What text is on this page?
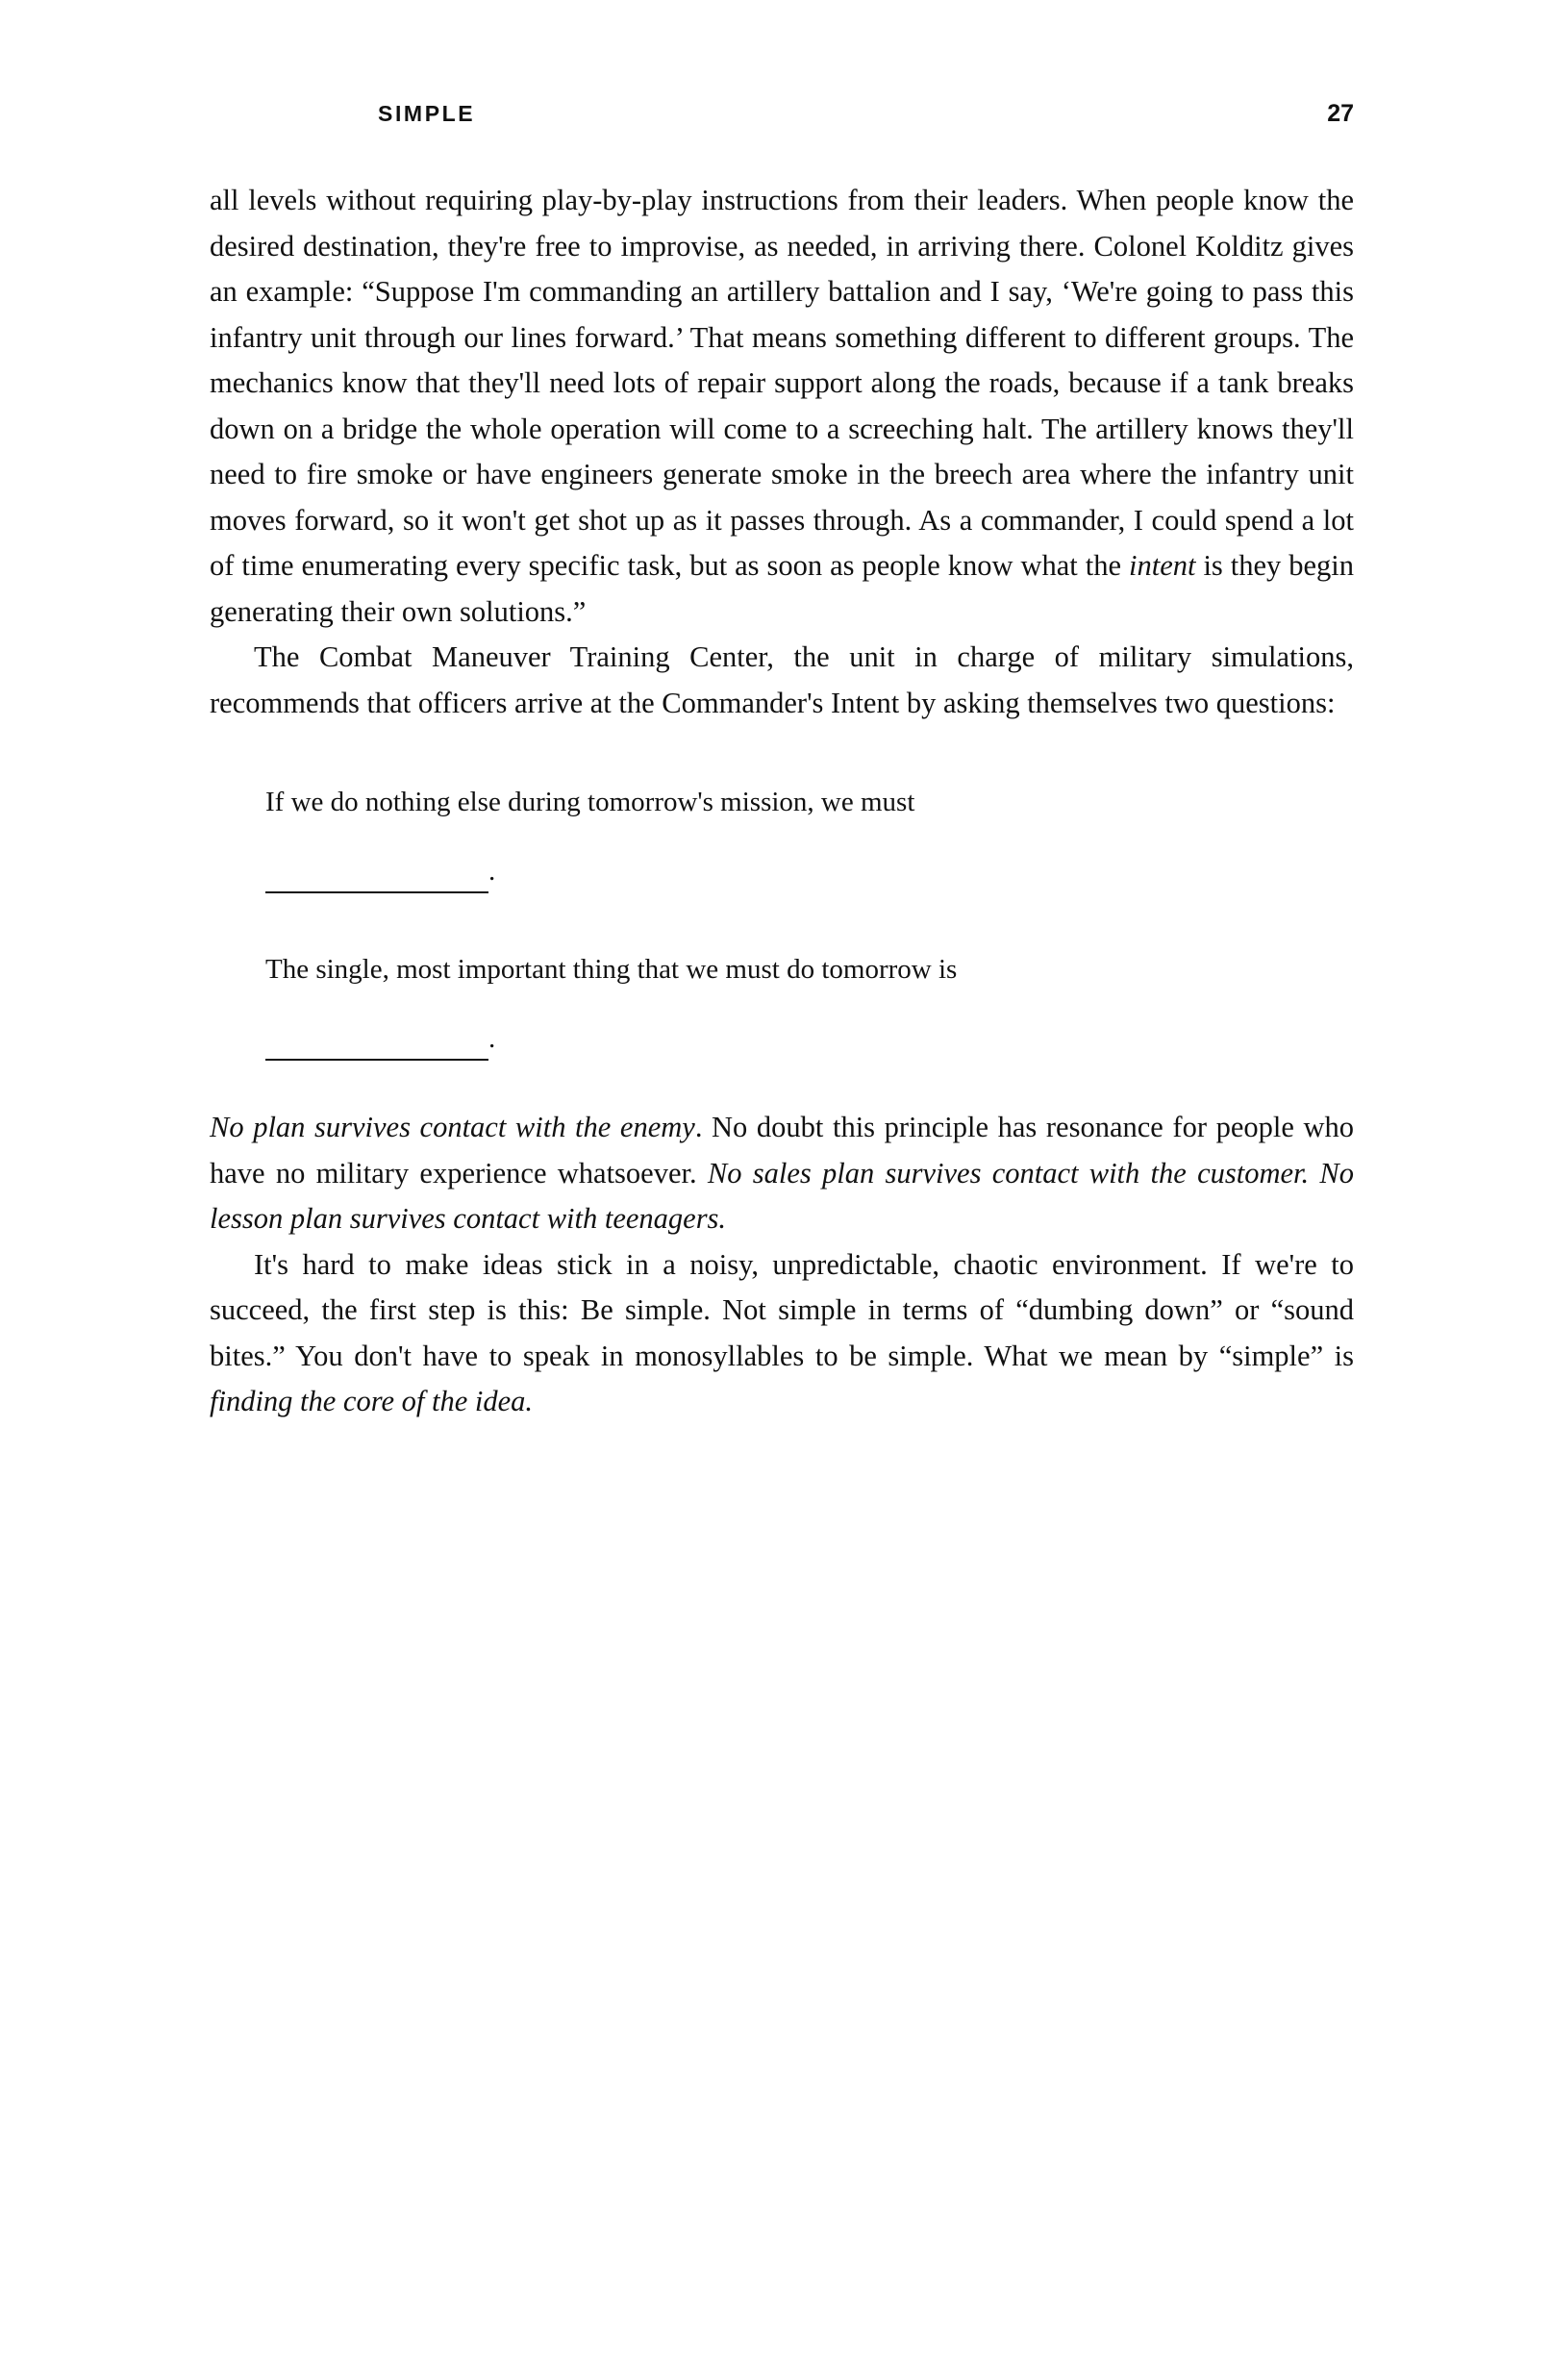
SIMPLE	27

all levels without requiring play-by-play instructions from their leaders. When people know the desired destination, they're free to improvise, as needed, in arriving there. Colonel Kolditz gives an example: “Suppose I'm commanding an artillery battalion and I say, ‘We're going to pass this infantry unit through our lines forward.’ That means something different to different groups. The mechanics know that they'll need lots of repair support along the roads, because if a tank breaks down on a bridge the whole operation will come to a screeching halt. The artillery knows they'll need to fire smoke or have engineers generate smoke in the breech area where the infantry unit moves forward, so it won't get shot up as it passes through. As a commander, I could spend a lot of time enumerating every specific task, but as soon as people know what the intent is they begin generating their own solutions.”

The Combat Maneuver Training Center, the unit in charge of military simulations, recommends that officers arrive at the Commander's Intent by asking themselves two questions:

If we do nothing else during tomorrow's mission, we must
.
The single, most important thing that we must do tomorrow is
.

No plan survives contact with the enemy. No doubt this principle has resonance for people who have no military experience whatsoever. No sales plan survives contact with the customer. No lesson plan survives contact with teenagers.

It's hard to make ideas stick in a noisy, unpredictable, chaotic environment. If we're to succeed, the first step is this: Be simple. Not simple in terms of “dumbing down” or “sound bites.” You don't have to speak in monosyllables to be simple. What we mean by “simple” is finding the core of the idea.
